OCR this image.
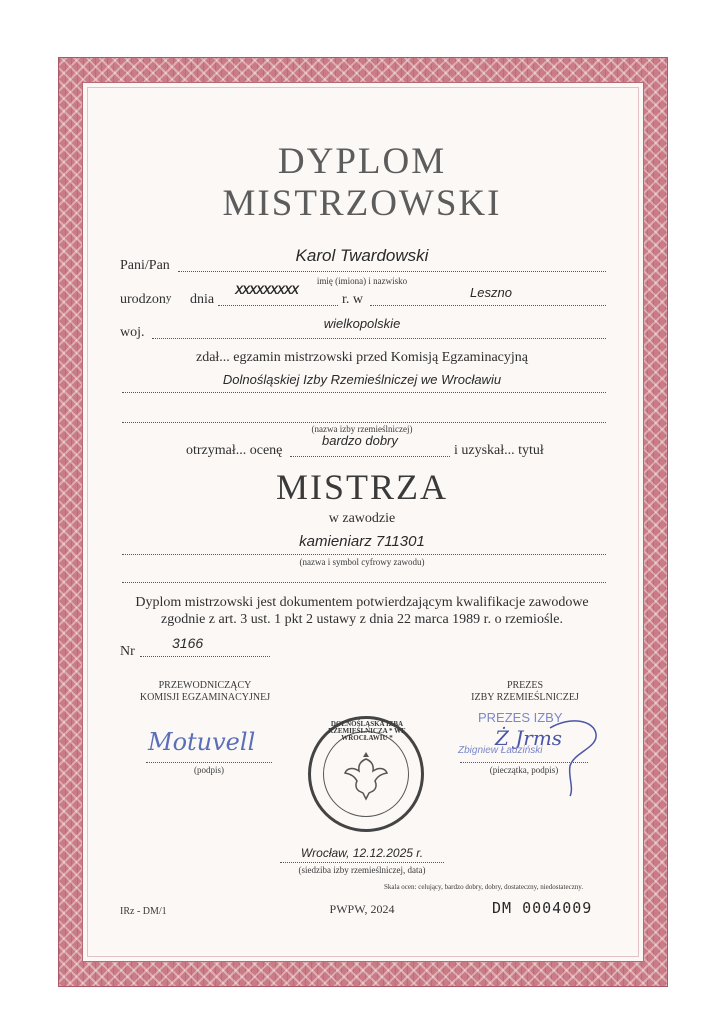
DYPLOM
MISTRZOWSKI
Pani/Pan
Karol Twardowski
imię (imiona) i nazwisko
urodzon$^y$ dnia
XXXXXXXXX
r. w	Leszno
woj.
wielkopolskie
zdał... egzamin mistrzowski przed Komisją Egzaminacyjną
Dolnośląskiej Izby Rzemieślniczej we Wrocławiu
(nazwa izby rzemieślniczej)
otrzymał... ocenę
bardzo dobry
i uzyskał... tytuł
MISTRZA
w zawodzie
kamieniarz 711301
(nazwa i symbol cyfrowy zawodu)
Dyplom mistrzowski jest dokumentem potwierdzającym kwalifikacje zawodowe
zgodnie z art. 3 ust. 1 pkt 2 ustawy z dnia 22 marca 1989 r. o rzemiośle.
Nr
3166
PRZEWODNICZĄCY
KOMISJI EGZAMINACYJNEJ
Motuvell
(podpis)
DOLNOŚLĄSKA IZBA RZEMIEŚLNICZA * WE WROCŁAWIU *
PREZES
IZBY RZEMIEŚLNICZEJ
PREZES IZBY
Ż Jrms
Zbigniew Ładziński
(pieczątka, podpis)
Wrocław, 12.12.2025 r.
(siedziba izby rzemieślniczej, data)
Skala ocen: celujący, bardzo dobry, dobry, dostateczny, niedostateczny.
IRz - DM/1	PWPW, 2024	DM 0004009
